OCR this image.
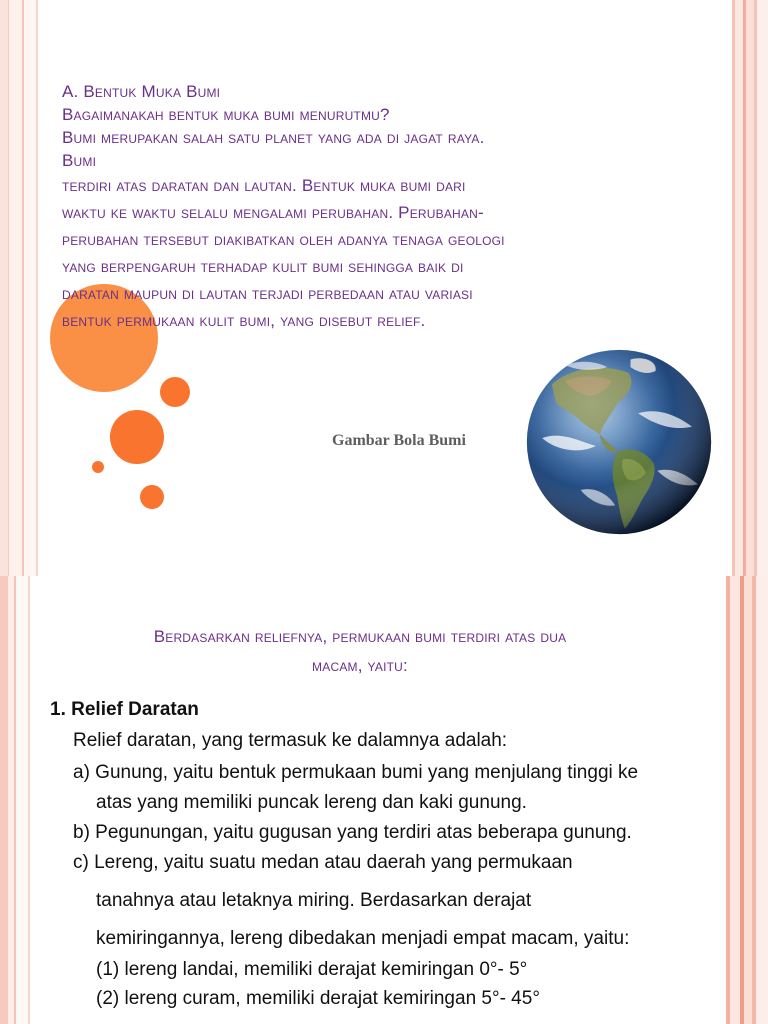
A. Bentuk Muka Bumi
Bagaimanakah bentuk muka bumi menurutmu?
Bumi merupakan salah satu planet yang ada di jagat raya.
Bumi
terdiri atas daratan dan lautan. Bentuk muka bumi dari
waktu ke waktu selalu mengalami perubahan. Perubahan-
perubahan tersebut diakibatkan oleh adanya tenaga geologi
yang berpengaruh terhadap kulit bumi sehingga baik di
daratan maupun di lautan terjadi perbedaan atau variasi
bentuk permukaan kulit bumi, yang disebut relief.
Gambar Bola Bumi
Berdasarkan reliefnya, permukaan bumi terdiri atas dua
macam, yaitu:
1. Relief Daratan
Relief daratan, yang termasuk ke dalamnya adalah:
a) Gunung, yaitu bentuk permukaan bumi yang menjulang tinggi ke
atas yang memiliki puncak lereng dan kaki gunung.
b) Pegunungan, yaitu gugusan yang terdiri atas beberapa gunung.
c) Lereng, yaitu suatu medan atau daerah yang permukaan
tanahnya atau letaknya miring. Berdasarkan derajat
kemiringannya, lereng dibedakan menjadi empat macam, yaitu:
(1) lereng landai, memiliki derajat kemiringan 0°- 5°
(2) lereng curam, memiliki derajat kemiringan 5°- 45°
